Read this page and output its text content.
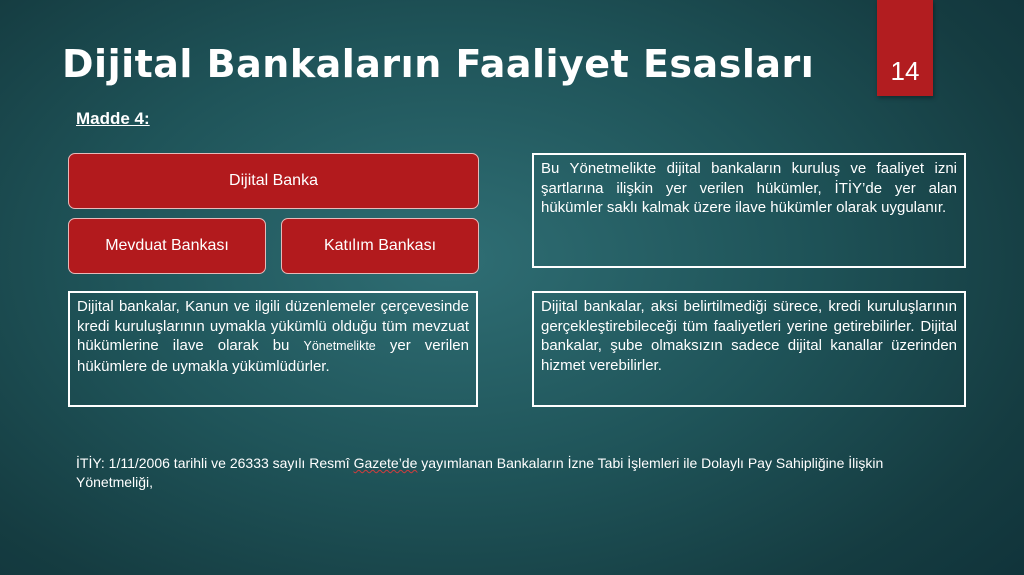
Dijital Bankaların Faaliyet Esasları	14
Madde 4:
Dijital Banka
Mevduat Bankası	Katılım Bankası
Bu Yönetmelikte dijital bankaların kuruluş ve faaliyet izni şartlarına ilişkin yer verilen hükümler, İTİY’de yer alan hükümler saklı kalmak üzere ilave hükümler olarak uygulanır.
Dijital bankalar, Kanun ve ilgili düzenlemeler çerçevesinde kredi kuruluşlarının uymakla yükümlü olduğu tüm mevzuat hükümlerine ilave olarak bu Yönetmelikte yer verilen hükümlere de uymakla yükümlüdürler.
Dijital bankalar, aksi belirtilmediği sürece, kredi kuruluşlarının gerçekleştirebileceği tüm faaliyetleri yerine getirebilirler. Dijital bankalar, şube olmaksızın sadece dijital kanallar üzerinden hizmet verebilirler.
İTİY: 1/11/2006 tarihli ve 26333 sayılı Resmî Gazete’de yayımlanan Bankaların İzne Tabi İşlemleri ile Dolaylı Pay Sahipliğine İlişkin Yönetmeliği,
